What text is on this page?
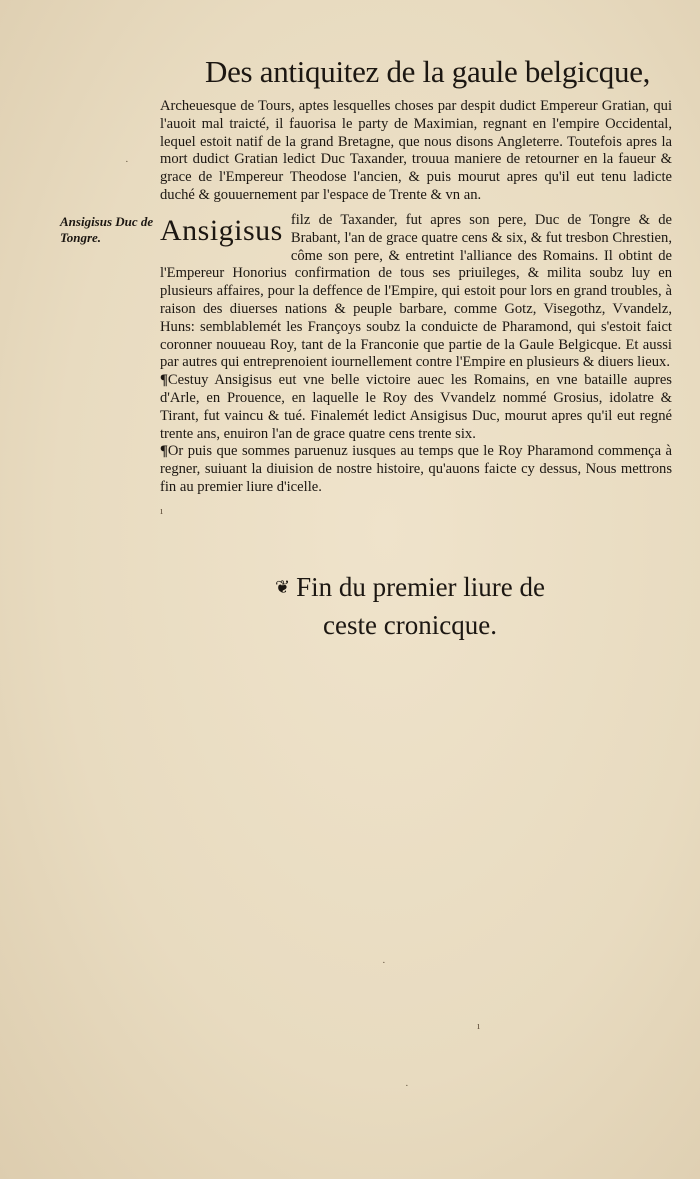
Des antiquitez de la gaule belgicque,
Archeuesque de Tours, aptes lesquelles choses par despit dudict Empereur Gratian, qui l'auoit mal traicté, il fauorisa le party de Maximian, regnant en l'empire Occidental, lequel estoit natif de la grand Bretagne, que nous disons Angleterre. Toutefois apres la mort dudict Gratian ledict Duc Taxander, trouua maniere de retourner en la faueur & grace de l'Empereur Theodose l'ancien, & puis mourut apres qu'il eut tenu ladicte duché & gouuernement par l'espace de Trente & vn an.
Ansigisus Duc de Tongre.	Ansigisus filz de Taxander, fut apres son pere, Duc de Tongre & de Brabant, l'an de grace quatre cens & six, & fut tresbon Chrestien, côme son pere, & entretint l'alliance des Romains. Il obtint de l'Empereur Honorius confirmation de tous ses priuileges, & milita soubz luy en plusieurs affaires, pour la deffence de l'Empire, qui estoit pour lors en grand troubles, à raison des diuerses nations & peuple barbare, comme Gotz, Visegothz, Vvandelz, Huns: semblablemét les Françoys soubz la conduicte de Pharamond, qui s'estoit faict coronner nouueau Roy, tant de la Franconie que partie de la Gaule Belgicque. Et aussi par autres qui entreprenoient iournellement contre l'Empire en plusieurs & diuers lieux.
¶Cestuy Ansigisus eut vne belle victoire auec les Romains, en vne bataille aupres d'Arle, en Prouence, en laquelle le Roy des Vvandelz nommé Grosius, idolatre & Tirant, fut vaincu & tué. Finalemét ledict Ansigisus Duc, mourut apres qu'il eut regné trente ans, enuiron l'an de grace quatre cens trente six.
¶Or puis que sommes paruenuz iusques au temps que le Roy Pharamond commença à regner, suiuant la diuision de nostre histoire, qu'auons faicte cy dessus, Nous mettrons fin au premier liure d'icelle.
❦ Fin du premier liure de
ceste cronicque.
·
ı
·
ı
·
